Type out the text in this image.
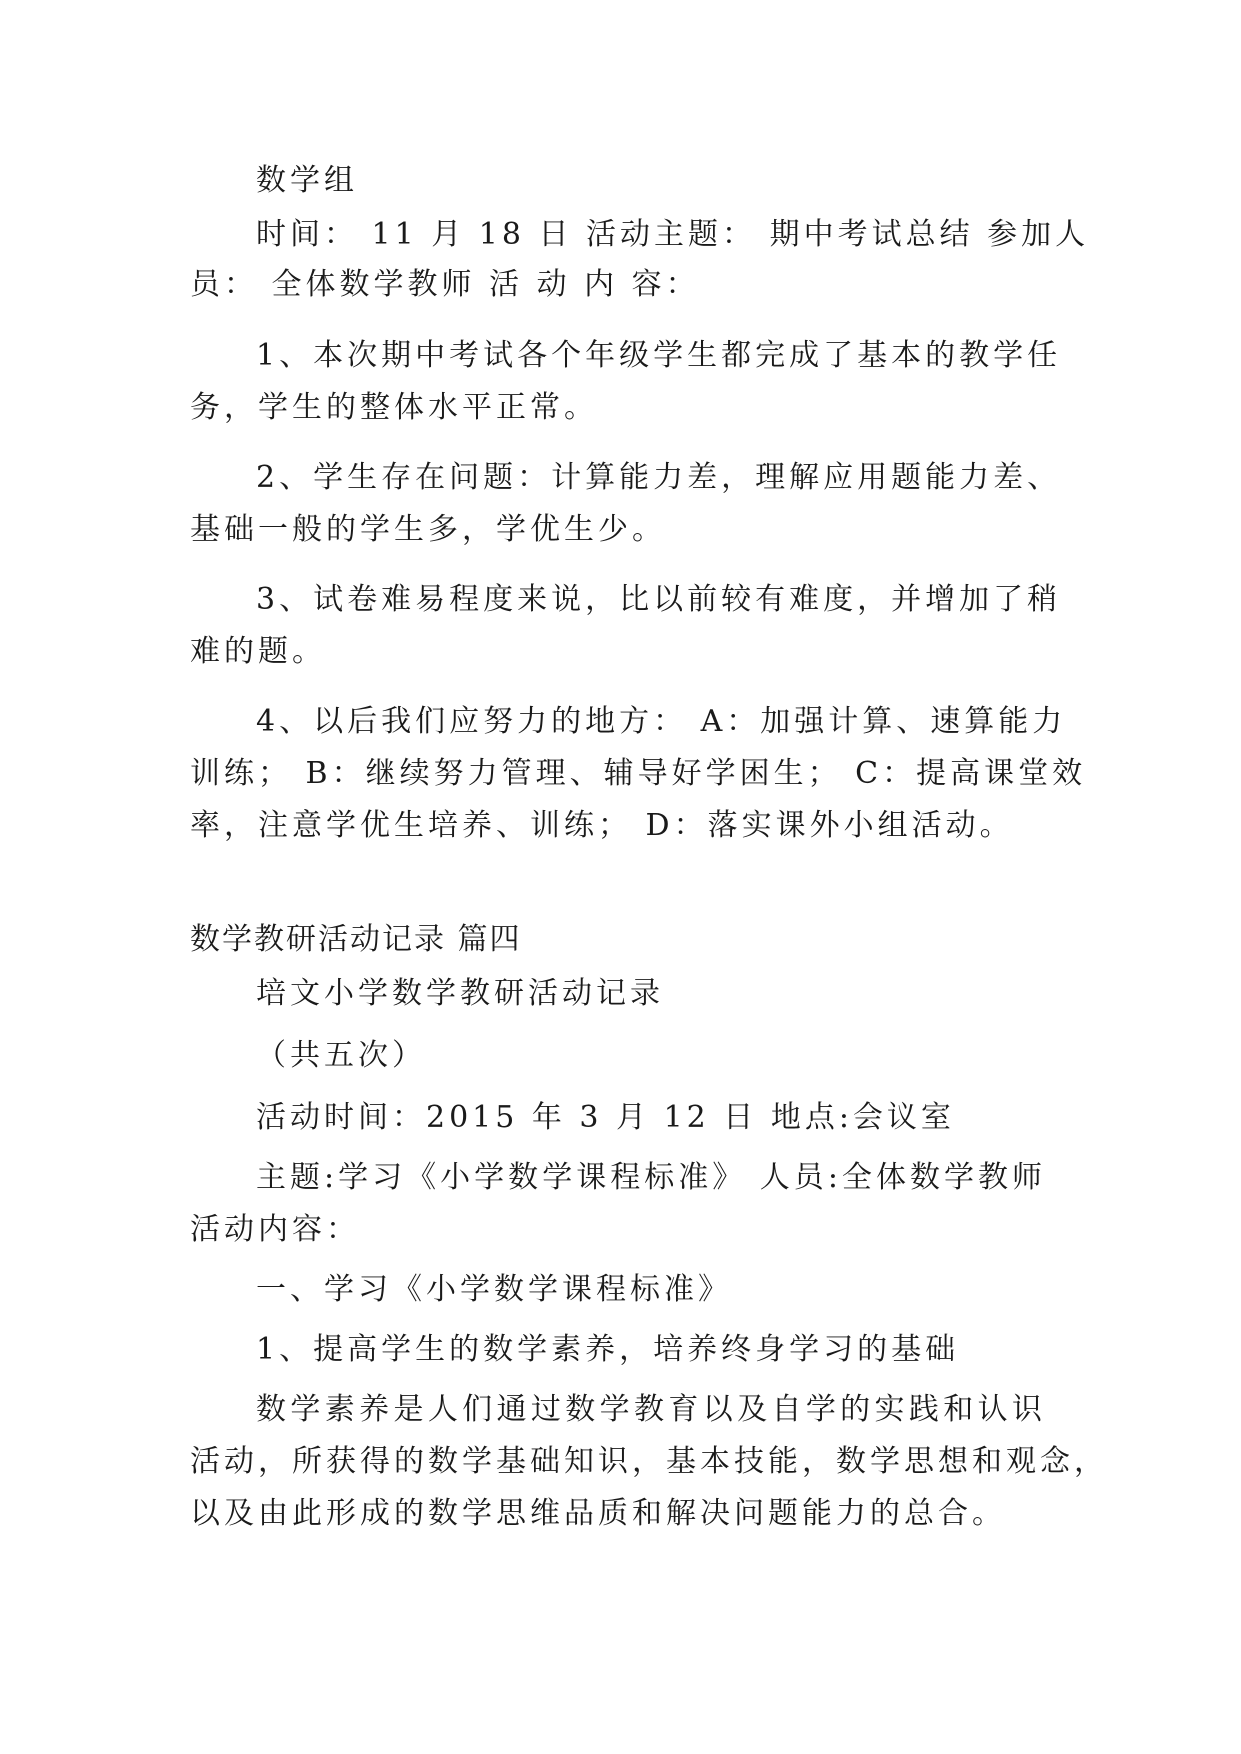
数学组
时间： 11 月 18 日 活动主题： 期中考试总结 参加人
员： 全体数学教师 活 动 内 容：
1、本次期中考试各个年级学生都完成了基本的教学任
务，学生的整体水平正常。
2、学生存在问题：计算能力差，理解应用题能力差、
基础一般的学生多，学优生少。
3、试卷难易程度来说，比以前较有难度，并增加了稍
难的题。
4、以后我们应努力的地方： A：加强计算、速算能力
训练； B：继续努力管理、辅导好学困生； C：提高课堂效
率，注意学优生培养、训练； D：落实课外小组活动。
数学教研活动记录 篇四
培文小学数学教研活动记录
（共五次）
活动时间：2015 年 3 月 12 日 地点:会议室
主题:学习《小学数学课程标准》 人员:全体数学教师
活动内容：
一、学习《小学数学课程标准》
1、提高学生的数学素养，培养终身学习的基础
数学素养是人们通过数学教育以及自学的实践和认识
活动，所获得的数学基础知识，基本技能，数学思想和观念，
以及由此形成的数学思维品质和解决问题能力的总合。
